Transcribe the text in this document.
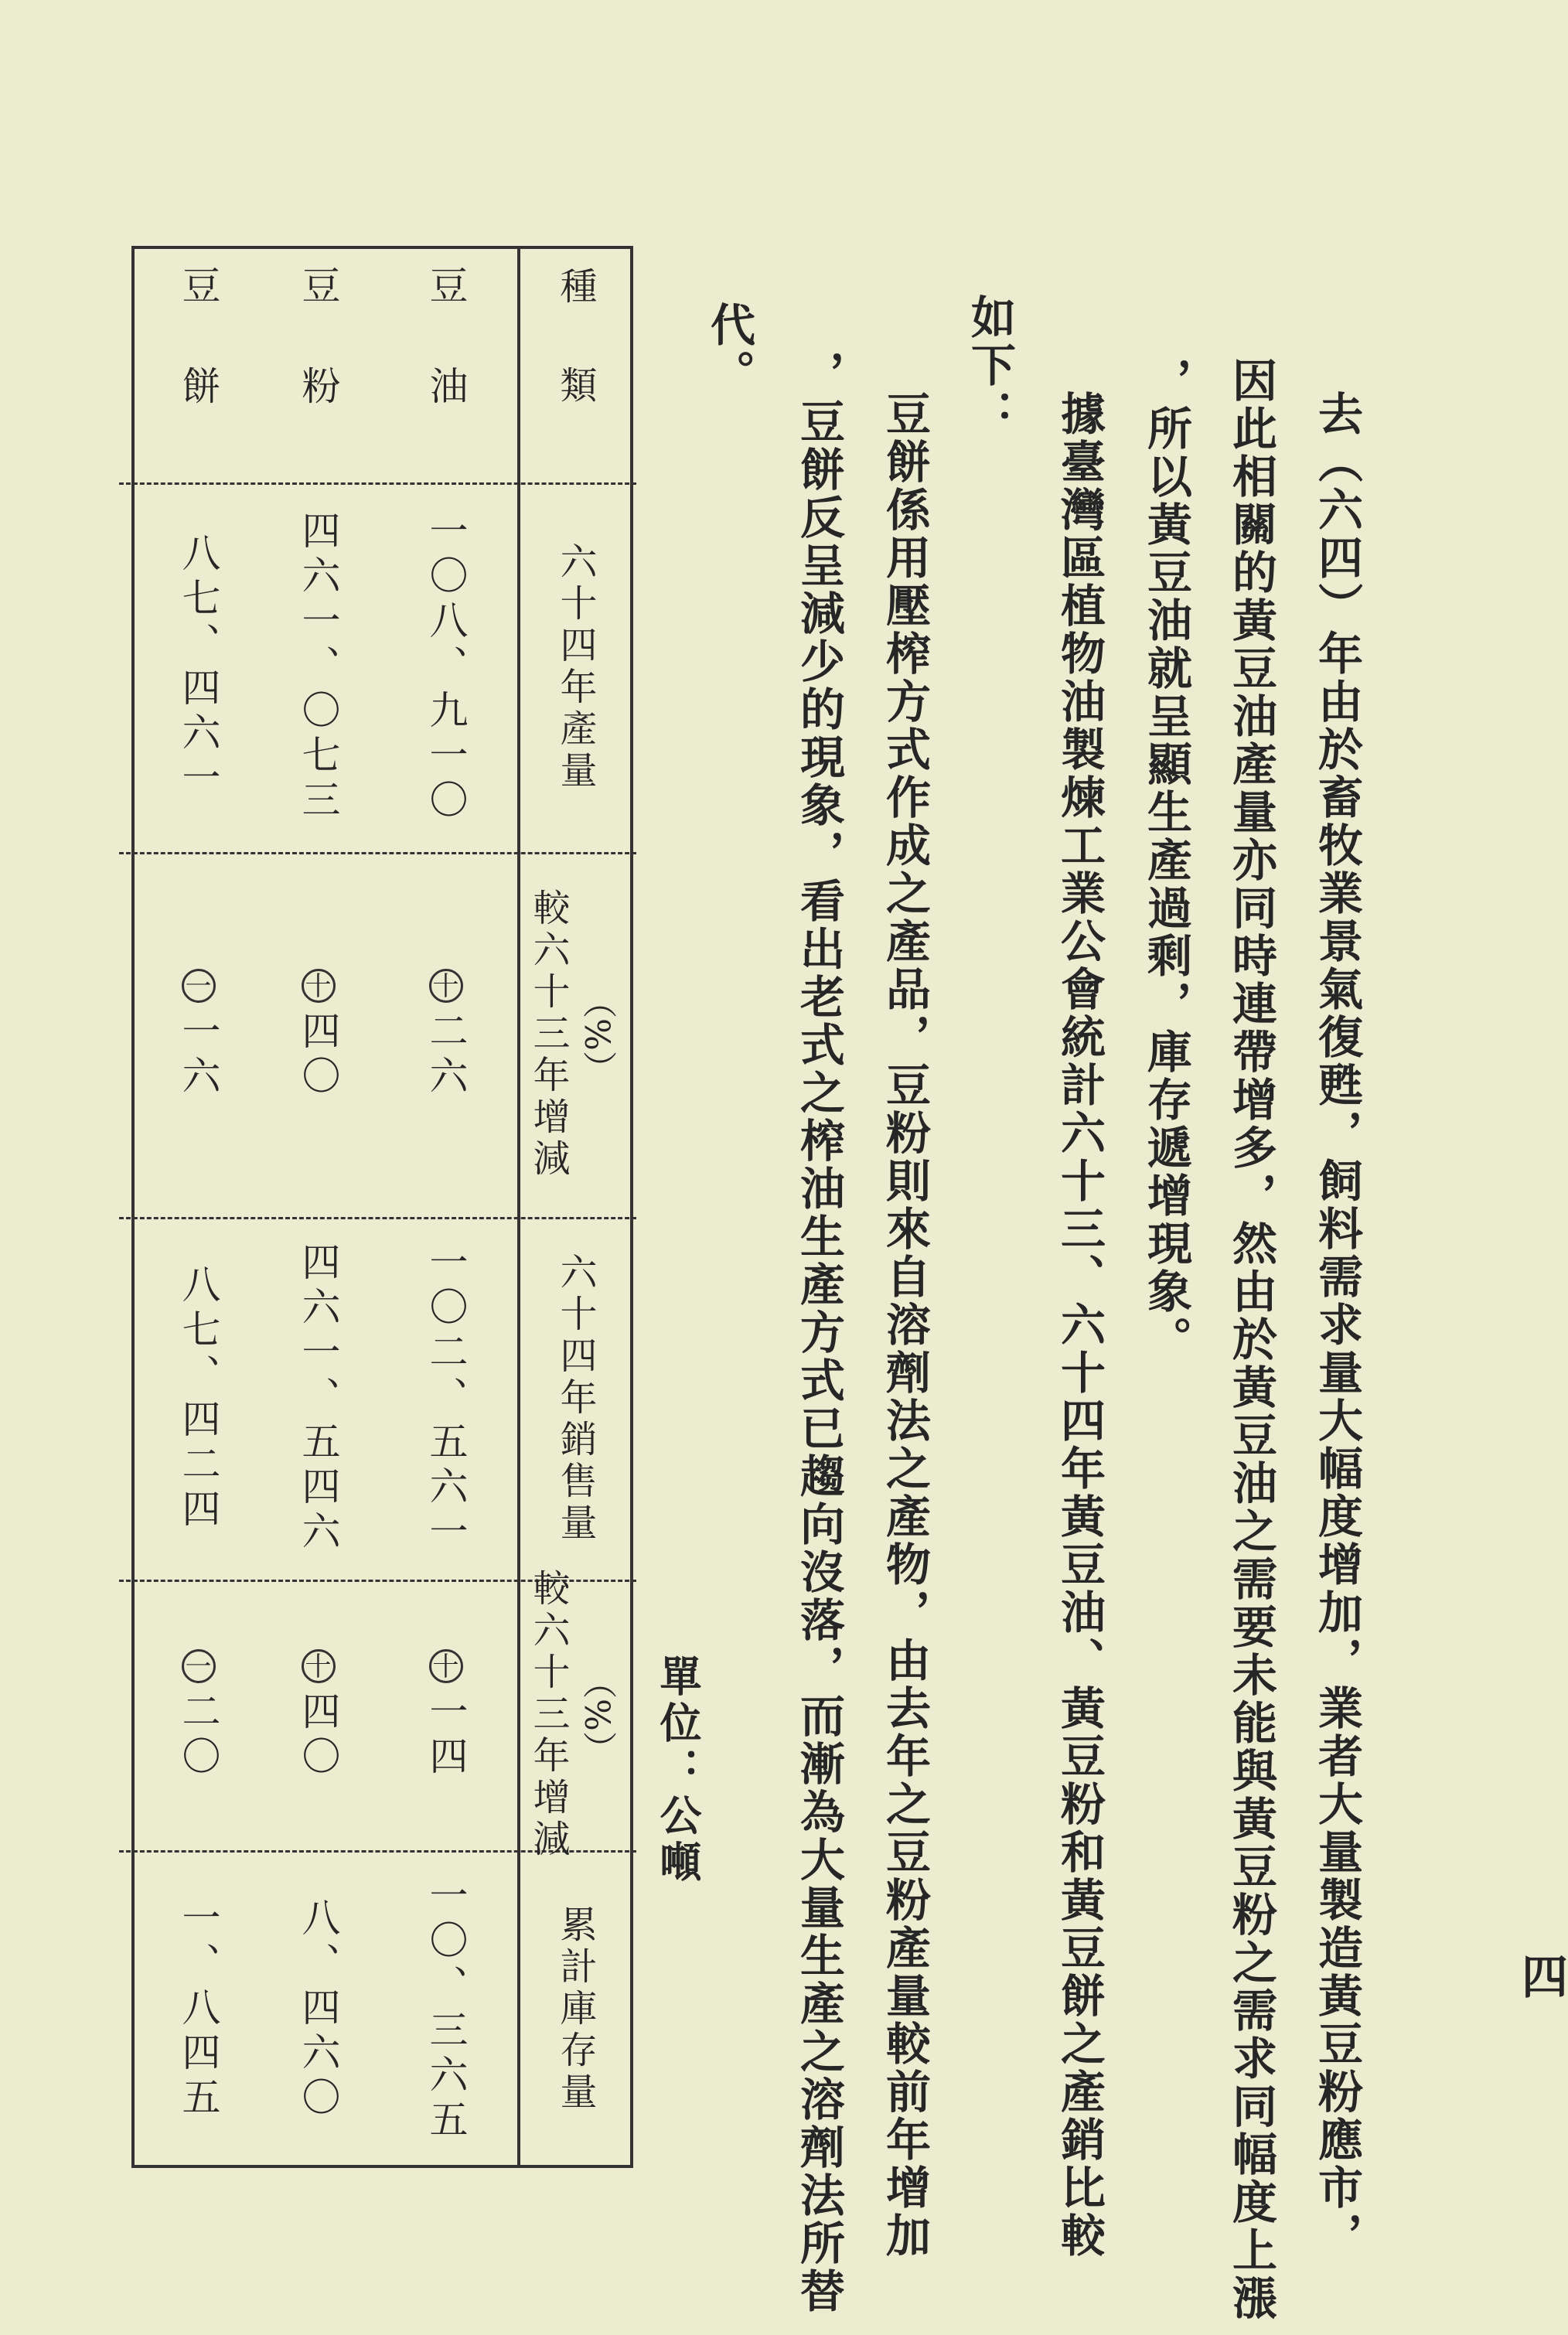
去（六四）年由於畜牧業景氣復甦，飼料需求量大幅度增加，業者大量製造黃豆粉應市，
因此相關的黃豆油產量亦同時連帶增多，然由於黃豆油之需要未能與黃豆粉之需求同幅度上漲
，所以黃豆油就呈顯生產過剩，庫存遞增現象。
據臺灣區植物油製煉工業公會統計六十三、六十四年黃豆油、黃豆粉和黃豆餅之產銷比較
如下：
豆餅係用壓榨方式作成之產品，豆粉則來自溶劑法之產物，由去年之豆粉產量較前年增加
，豆餅反呈減少的現象，看出老式之榨油生產方式已趨向沒落，而漸為大量生產之溶劑法所替
代。
單位：公噸
四
種類
六十四年產量
較六十三年增減 （%）
六十四年銷售量
較六十三年增減 （%）
累計庫存量
豆油
一〇八、九一〇
十
二六
一〇二、五六一
十
一四
一〇、三六五
豆粉
四六一、〇七三
十
四〇
四六一、五四六
十
四〇
八、四六〇
豆餅
八七、四六一
一
一六
八七、四二四
一
二〇
一、八四五
